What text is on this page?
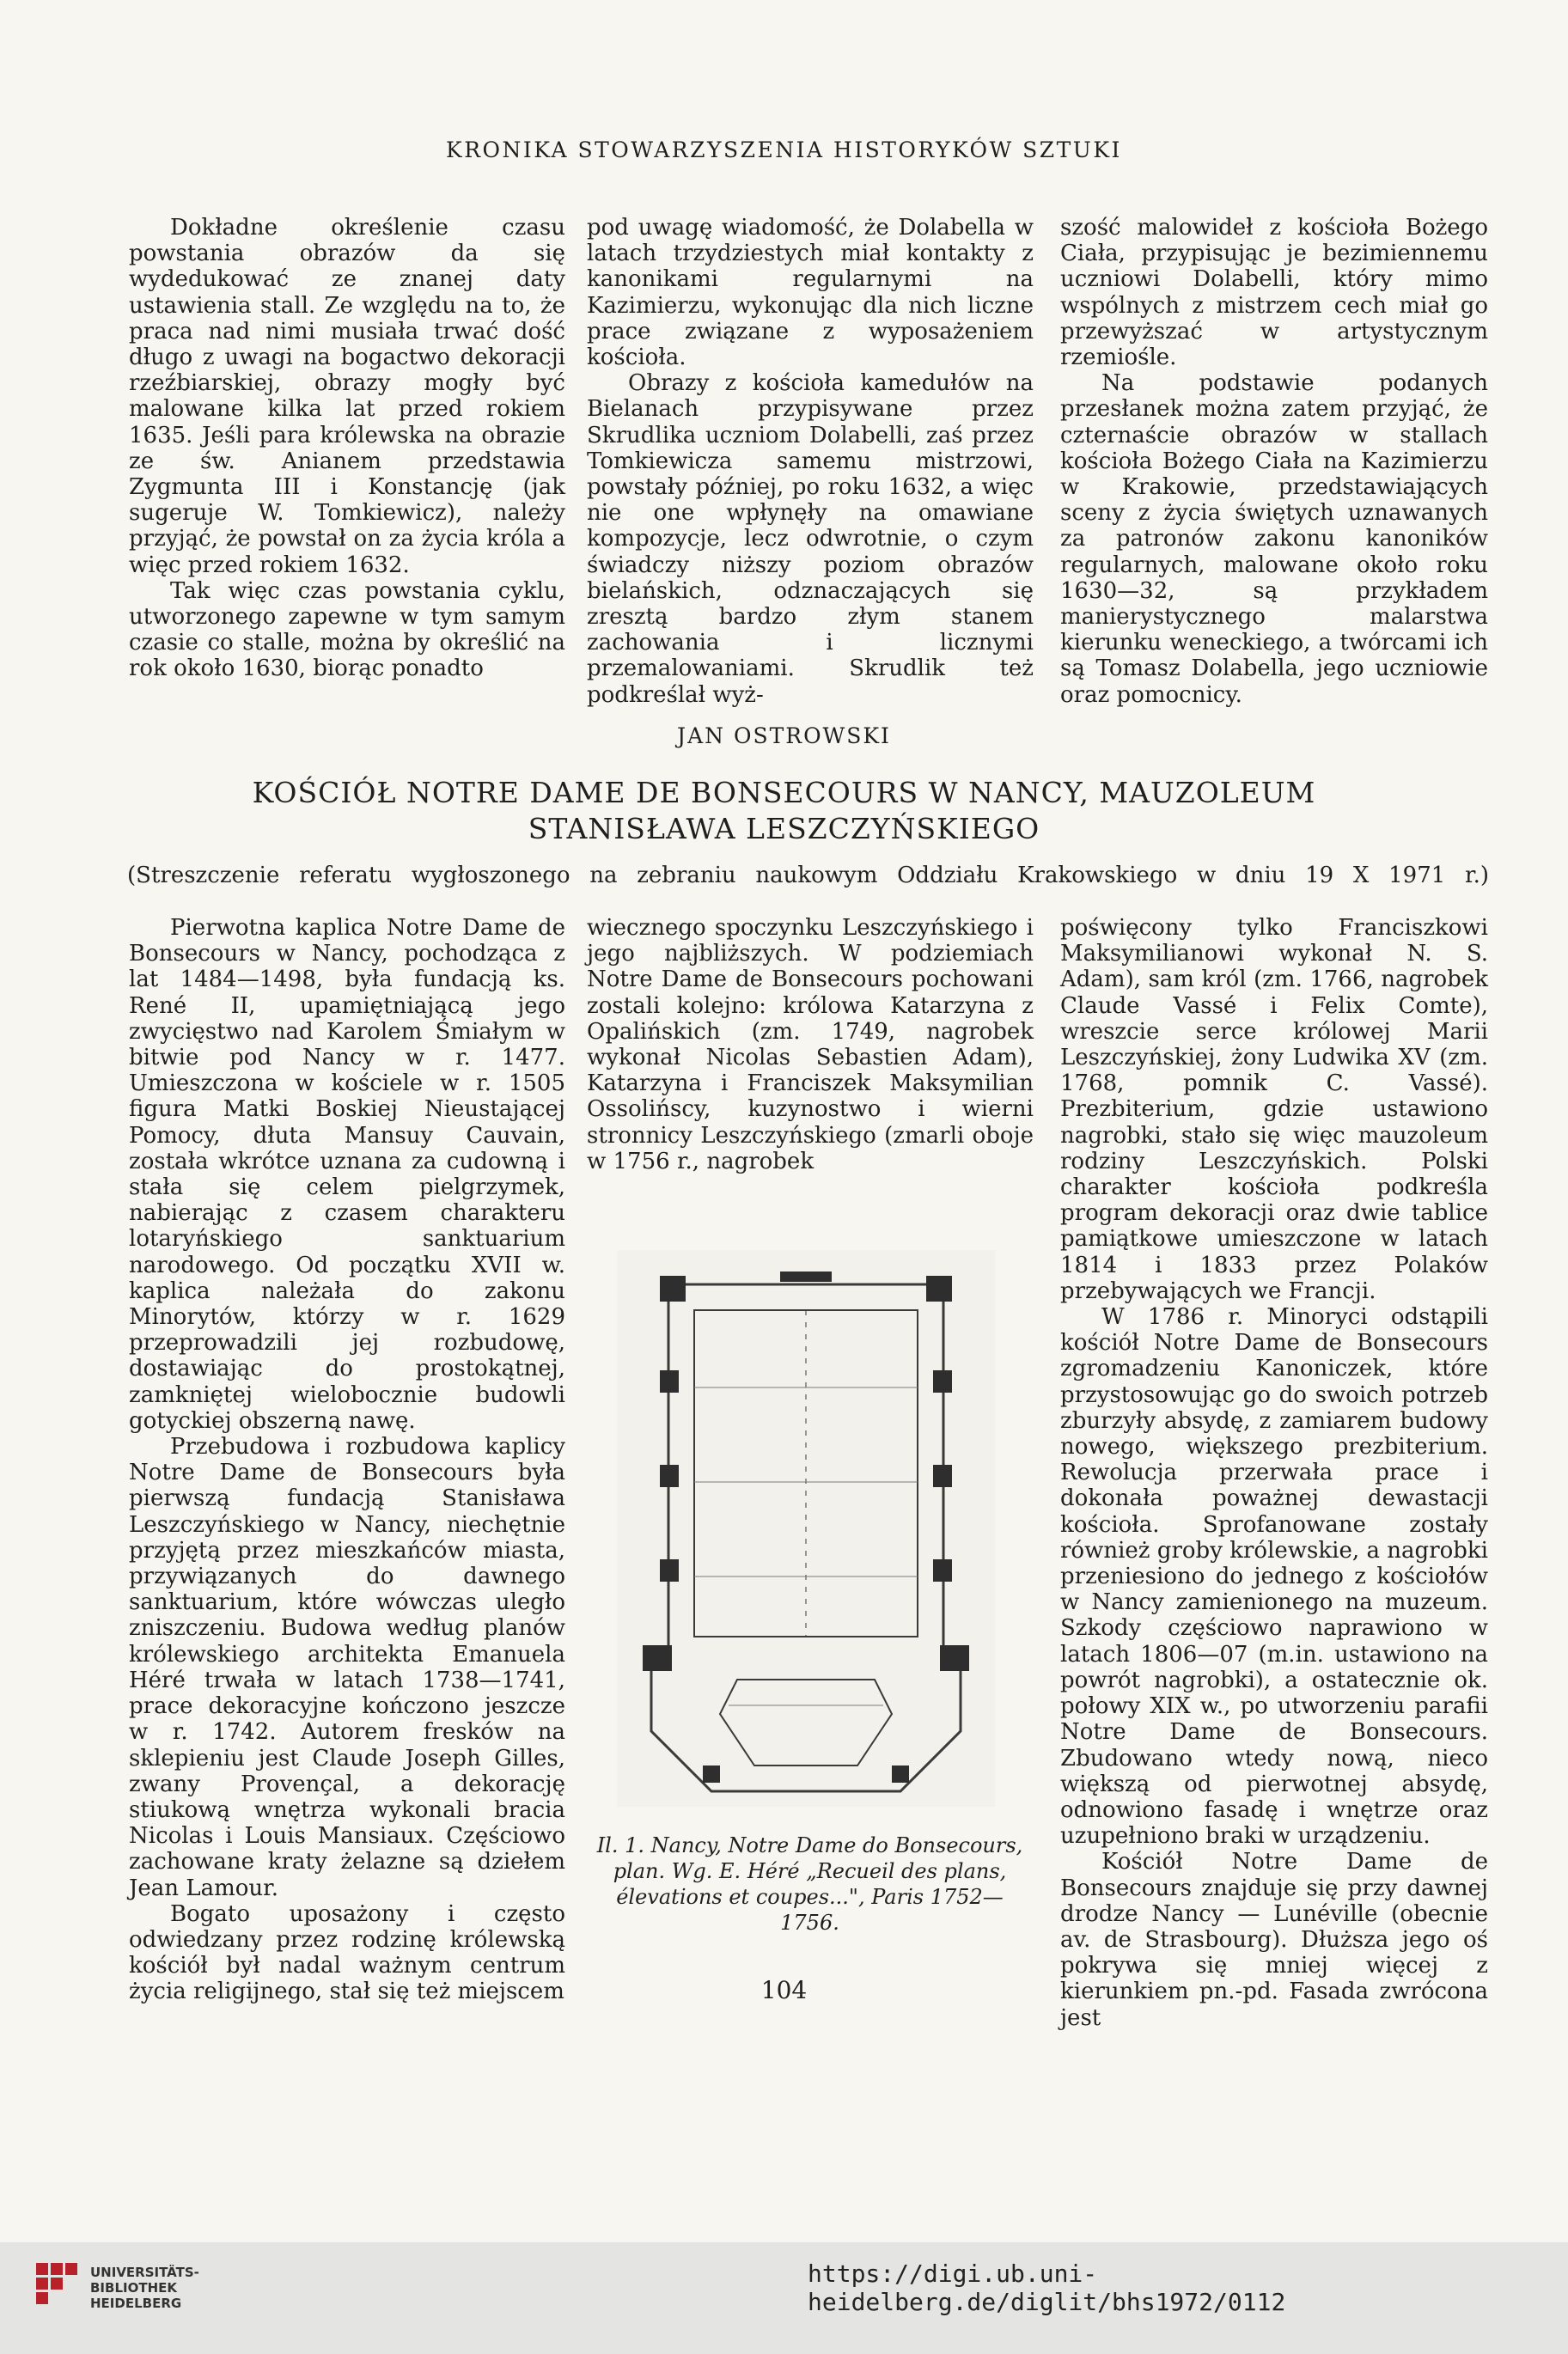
KRONIKA STOWARZYSZENIA HISTORYKÓW SZTUKI

Dokładne określenie czasu powstania obrazów da się wydedukować ze znanej daty ustawienia stall. Ze względu na to, że praca nad nimi musiała trwać dość długo z uwagi na bogactwo dekoracji rzeźbiarskiej, obrazy mogły być malowane kilka lat przed rokiem 1635. Jeśli para królewska na obrazie ze św. Anianem przedstawia Zygmunta III i Konstancję (jak sugeruje W. Tomkiewicz), należy przyjąć, że powstał on za życia króla a więc przed rokiem 1632.

Tak więc czas powstania cyklu, utworzonego zapewne w tym samym czasie co stalle, można by określić na rok około 1630, biorąc ponadto

pod uwagę wiadomość, że Dolabella w latach trzydziestych miał kontakty z kanonikami regularnymi na Kazimierzu, wykonując dla nich liczne prace związane z wyposażeniem kościoła.

Obrazy z kościoła kamedułów na Bielanach przypisywane przez Skrudlika uczniom Dolabelli, zaś przez Tomkiewicza samemu mistrzowi, powstały później, po roku 1632, a więc nie one wpłynęły na omawiane kompozycje, lecz odwrotnie, o czym świadczy niższy poziom obrazów bielańskich, odznaczających się zresztą bardzo złym stanem zachowania i licznymi przemalowaniami. Skrudlik też podkreślał wyż-

szość malowideł z kościoła Bożego Ciała, przypisując je bezimiennemu uczniowi Dolabelli, który mimo wspólnych z mistrzem cech miał go przewyższać w artystycznym rzemiośle.

Na podstawie podanych przesłanek można zatem przyjąć, że czternaście obrazów w stallach kościoła Bożego Ciała na Kazimierzu w Krakowie, przedstawiających sceny z życia świętych uznawanych za patronów zakonu kanoników regularnych, malowane około roku 1630—32, są przykładem manierystycznego malarstwa kierunku weneckiego, a twórcami ich są Tomasz Dolabella, jego uczniowie oraz pomocnicy.

JAN OSTROWSKI
KOŚCIÓŁ NOTRE DAME DE BONSECOURS W NANCY, MAUZOLEUM
STANISŁAWA LESZCZYŃSKIEGO
(Streszczenie referatu wygłoszonego na zebraniu naukowym Oddziału Krakowskiego w dniu 19 X 1971 r.)

Pierwotna kaplica Notre Dame de Bonsecours w Nancy, pochodząca z lat 1484—1498, była fundacją ks. René II, upamiętniającą jego zwycięstwo nad Karolem Śmiałym w bitwie pod Nancy w r. 1477. Umieszczona w kościele w r. 1505 figura Matki Boskiej Nieustającej Pomocy, dłuta Mansuy Cauvain, została wkrótce uznana za cudowną i stała się celem pielgrzymek, nabierając z czasem charakteru lotaryńskiego sanktuarium narodowego. Od początku XVII w. kaplica należała do zakonu Minorytów, którzy w r. 1629 przeprowadzili jej rozbudowę, dostawiając do prostokątnej, zamkniętej wielobocznie budowli gotyckiej obszerną nawę.

Przebudowa i rozbudowa kaplicy Notre Dame de Bonsecours była pierwszą fundacją Stanisława Leszczyńskiego w Nancy, niechętnie przyjętą przez mieszkańców miasta, przywiązanych do dawnego sanktuarium, które wówczas uległo zniszczeniu. Budowa według planów królewskiego architekta Emanuela Héré trwała w latach 1738—1741, prace dekoracyjne kończono jeszcze w r. 1742. Autorem fresków na sklepieniu jest Claude Joseph Gilles, zwany Provençal, a dekorację stiukową wnętrza wykonali bracia Nicolas i Louis Mansiaux. Częściowo zachowane kraty żelazne są dziełem Jean Lamour.

Bogato uposażony i często odwiedzany przez rodzinę królewską kościół był nadal ważnym centrum życia religijnego, stał się też miejscem

wiecznego spoczynku Leszczyńskiego i jego najbliższych. W podziemiach Notre Dame de Bonsecours pochowani zostali kolejno: królowa Katarzyna z Opalińskich (zm. 1749, nagrobek wykonał Nicolas Sebastien Adam), Katarzyna i Franciszek Maksymilian Ossolińscy, kuzynostwo i wierni stronnicy Leszczyńskiego (zmarli oboje w 1756 r., nagrobek

poświęcony tylko Franciszkowi Maksymilianowi wykonał N. S. Adam), sam król (zm. 1766, nagrobek Claude Vassé i Felix Comte), wreszcie serce królowej Marii Leszczyńskiej, żony Ludwika XV (zm. 1768, pomnik C. Vassé). Prezbiterium, gdzie ustawiono nagrobki, stało się więc mauzoleum rodziny Leszczyńskich. Polski charakter kościoła podkreśla program dekoracji oraz dwie tablice pamiątkowe umieszczone w latach 1814 i 1833 przez Polaków przebywających we Francji.

W 1786 r. Minoryci odstąpili kościół Notre Dame de Bonsecours zgromadzeniu Kanoniczek, które przystosowując go do swoich potrzeb zburzyły absydę, z zamiarem budowy nowego, większego prezbiterium. Rewolucja przerwała prace i dokonała poważnej dewastacji kościoła. Sprofanowane zostały również groby królewskie, a nagrobki przeniesiono do jednego z kościołów w Nancy zamienionego na muzeum. Szkody częściowo naprawiono w latach 1806—07 (m.in. ustawiono na powrót nagrobki), a ostatecznie ok. połowy XIX w., po utworzeniu parafii Notre Dame de Bonsecours. Zbudowano wtedy nową, nieco większą od pierwotnej absydę, odnowiono fasadę i wnętrze oraz uzupełniono braki w urządzeniu.

Kościół Notre Dame de Bonsecours znajduje się przy dawnej drodze Nancy — Lunéville (obecnie av. de Strasbourg). Dłuższa jego oś pokrywa się mniej więcej z kierunkiem pn.-pd. Fasada zwrócona jest

Il. 1. Nancy, Notre Dame do Bonsecours, plan. Wg. E. Héré „Recueil des plans, élevations et coupes...", Paris 1752—1756.
104
UNIVERSITÄTS-
BIBLIOTHEK
HEIDELBERG
https://digi.ub.uni-heidelberg.de/diglit/bhs1972/0112
